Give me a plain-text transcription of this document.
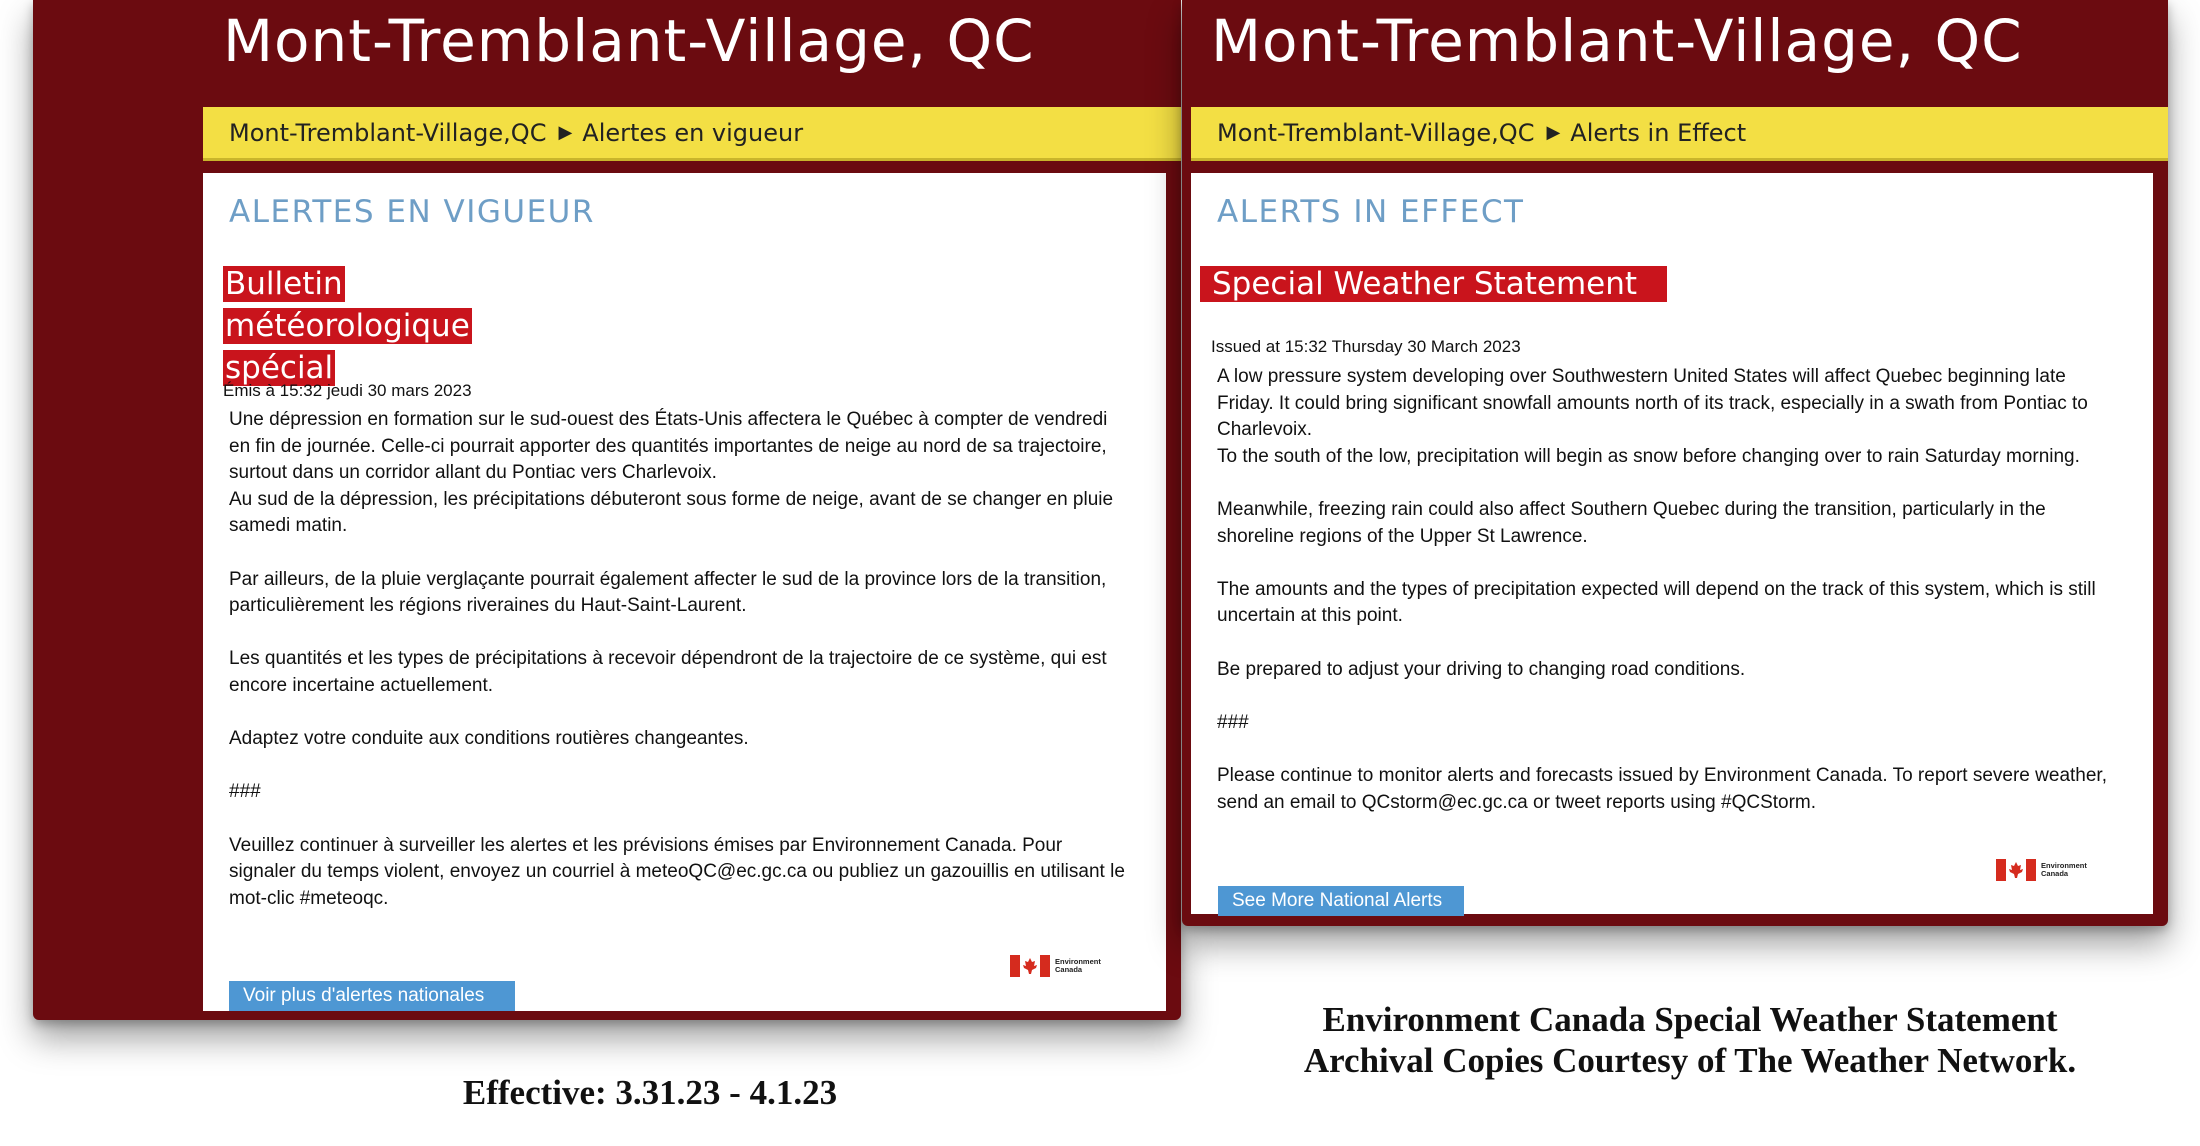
Mont-Tremblant-Village, QC
Mont-Tremblant-Village,QC ▶ Alertes en vigueur
ALERTES EN VIGUEUR
Bulletin météorologique spécial
Émis à 15:32 jeudi 30 mars 2023

Une dépression en formation sur le sud-ouest des États-Unis affectera le Québec à compter de vendredi en fin de journée. Celle-ci pourrait apporter des quantités importantes de neige au nord de sa trajectoire, surtout dans un corridor allant du Pontiac vers Charlevoix.

Au sud de la dépression, les précipitations débuteront sous forme de neige, avant de se changer en pluie samedi matin.

Par ailleurs, de la pluie verglaçante pourrait également affecter le sud de la province lors de la transition, particulièrement les régions riveraines du Haut-Saint-Laurent.

Les quantités et les types de précipitations à recevoir dépendront de la trajectoire de ce système, qui est encore incertaine actuellement.

Adaptez votre conduite aux conditions routières changeantes.

###

Veuillez continuer à surveiller les alertes et les prévisions émises par Environnement Canada. Pour signaler du temps violent, envoyez un courriel à meteoQC@ec.gc.ca ou publiez un gazouillis en utilisant le mot-clic #meteoqc.

Environment
Canada
Voir plus d'alertes nationales
Mont-Tremblant-Village, QC
Mont-Tremblant-Village,QC ▶ Alerts in Effect
ALERTS IN EFFECT
Special Weather Statement
Issued at 15:32 Thursday 30 March 2023

A low pressure system developing over Southwestern United States will affect Quebec beginning late Friday. It could bring significant snowfall amounts north of its track, especially in a swath from Pontiac to Charlevoix.

To the south of the low, precipitation will begin as snow before changing over to rain Saturday morning.

Meanwhile, freezing rain could also affect Southern Quebec during the transition, particularly in the shoreline regions of the Upper St Lawrence.

The amounts and the types of precipitation expected will depend on the track of this system, which is still uncertain at this point.

Be prepared to adjust your driving to changing road conditions.

###

Please continue to monitor alerts and forecasts issued by Environment Canada. To report severe weather, send an email to QCstorm@ec.gc.ca or tweet reports using #QCStorm.

Environment
Canada
See More National Alerts
Effective: 3.31.23 - 4.1.23
Environment Canada Special Weather Statement
Archival Copies Courtesy of The Weather Network.
